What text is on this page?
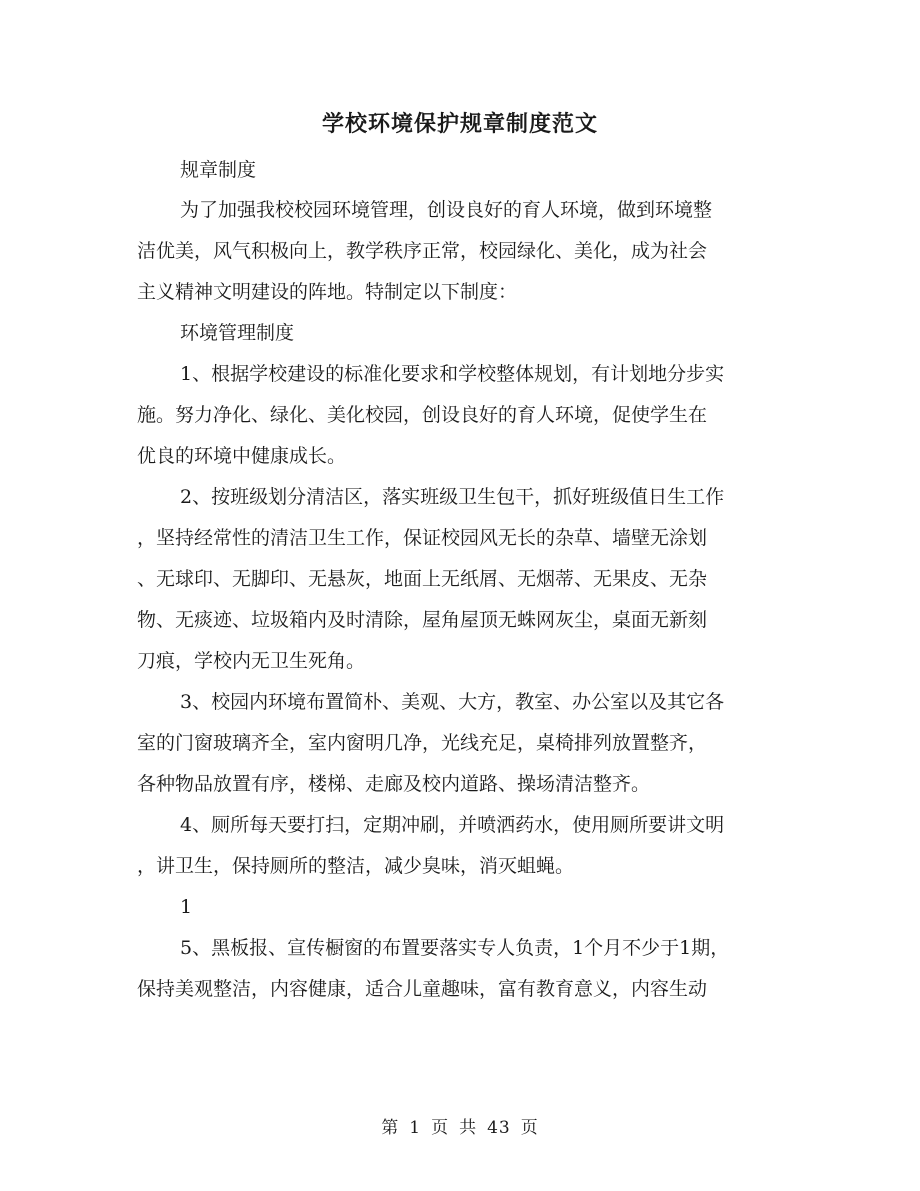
学校环境保护规章制度范文
规章制度
为了加强我校校园环境管理，创设良好的育人环境，做到环境整
洁优美，风气积极向上，教学秩序正常，校园绿化、美化，成为社会
主义精神文明建设的阵地。特制定以下制度：
环境管理制度
1、根据学校建设的标准化要求和学校整体规划，有计划地分步实
施。努力净化、绿化、美化校园，创设良好的育人环境，促使学生在
优良的环境中健康成长。
2、按班级划分清洁区，落实班级卫生包干，抓好班级值日生工作
，坚持经常性的清洁卫生工作，保证校园风无长的杂草、墙壁无涂划
、无球印、无脚印、无悬灰，地面上无纸屑、无烟蒂、无果皮、无杂
物、无痰迹、垃圾箱内及时清除，屋角屋顶无蛛网灰尘，桌面无新刻
刀痕，学校内无卫生死角。
3、校园内环境布置简朴、美观、大方，教室、办公室以及其它各
室的门窗玻璃齐全，室内窗明几净，光线充足，桌椅排列放置整齐，
各种物品放置有序，楼梯、走廊及校内道路、操场清洁整齐。
4、厕所每天要打扫，定期冲刷，并喷洒药水，使用厕所要讲文明
，讲卫生，保持厕所的整洁，减少臭味，消灭蛆蝇。
1
5、黑板报、宣传橱窗的布置要落实专人负责，1个月不少于1期，
保持美观整洁，内容健康，适合儿童趣味，富有教育意义，内容生动
第 1 页 共 43 页
